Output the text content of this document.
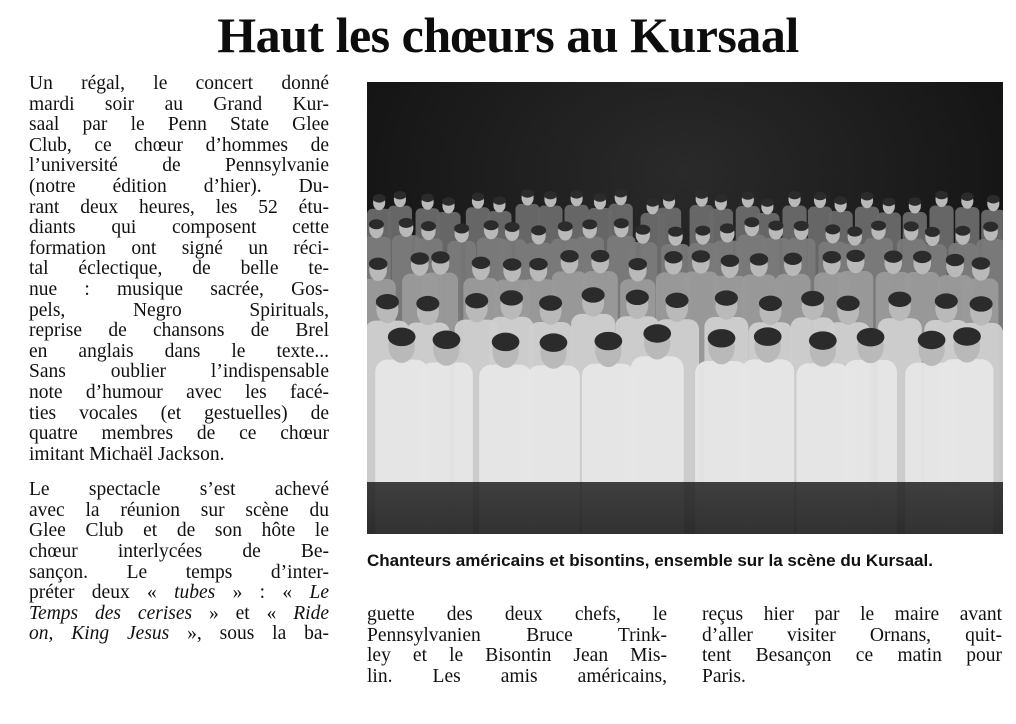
Haut les chœurs au Kursaal
Un régal, le concert donné
mardi soir au Grand Kur-
saal par le Penn State Glee
Club, ce chœur d’hommes de
l’université de Pennsylvanie
(notre édition d’hier). Du-
rant deux heures, les 52 étu-
diants qui composent cette
formation ont signé un réci-
tal éclectique, de belle te-
nue : musique sacrée, Gos-
pels, Negro Spirituals,
reprise de chansons de Brel
en anglais dans le texte...
Sans oublier l’indispensable
note d’humour avec les facé-
ties vocales (et gestuelles) de
quatre membres de ce chœur
imitant Michaël Jackson.
Le spectacle s’est achevé
avec la réunion sur scène du
Glee Club et de son hôte le
chœur interlycées de Be-
sançon. Le temps d’inter-
préter deux « tubes » : « Le
Temps des cerises » et « Ride
on, King Jesus », sous la ba-
Chanteurs américains et bisontins, ensemble sur la scène du Kursaal.
guette des deux chefs, le
Pennsylvanien Bruce Trink-
ley et le Bisontin Jean Mis-
lin. Les amis américains,
reçus hier par le maire avant
d’aller visiter Ornans, quit-
tent Besançon ce matin pour
Paris.
